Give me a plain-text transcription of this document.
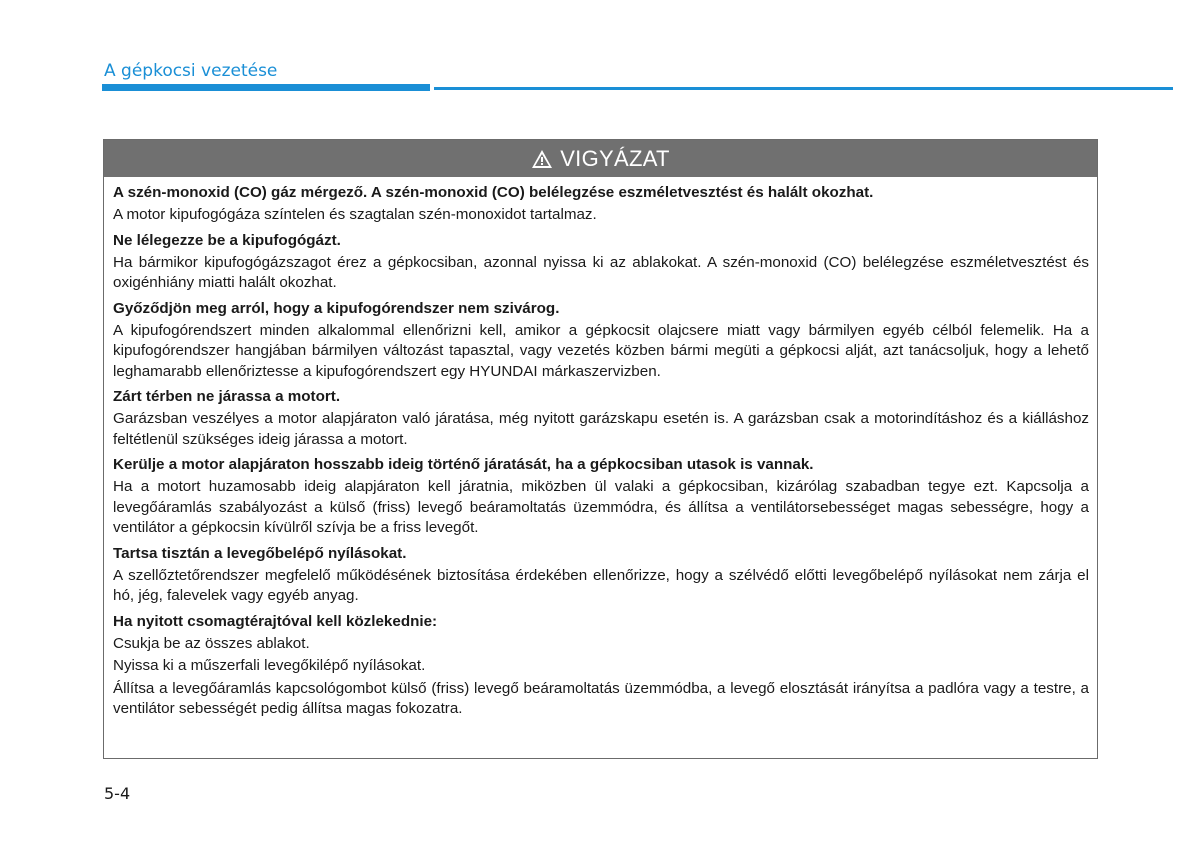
A gépkocsi vezetése
VIGYÁZAT
A szén-monoxid (CO) gáz mérgező. A szén-monoxid (CO) belélegzése eszméletvesztést és halált okozhat.

A motor kipufogógáza színtelen és szagtalan szén-monoxidot tartalmaz.

Ne lélegezze be a kipufogógázt.

Ha bármikor kipufogógázszagot érez a gépkocsiban, azonnal nyissa ki az ablakokat. A szén-monoxid (CO) belélegzése eszméletvesztést és oxigénhiány miatti halált okozhat.

Győződjön meg arról, hogy a kipufogórendszer nem szivárog.

A kipufogórendszert minden alkalommal ellenőrizni kell, amikor a gépkocsit olajcsere miatt vagy bármilyen egyéb célból felemelik. Ha a kipufogórendszer hangjában bármilyen változást tapasztal, vagy vezetés közben bármi megüti a gépkocsi alját, azt tanácsoljuk, hogy a lehető leghamarabb ellenőriztesse a kipufogórendszert egy HYUNDAI márkaszervizben.

Zárt térben ne járassa a motort.

Garázsban veszélyes a motor alapjáraton való járatása, még nyitott garázskapu esetén is. A garázsban csak a motorindításhoz és a kiálláshoz feltétlenül szükséges ideig járassa a motort.

Kerülje a motor alapjáraton hosszabb ideig történő járatását, ha a gépkocsiban utasok is vannak.

Ha a motort huzamosabb ideig alapjáraton kell járatnia, miközben ül valaki a gépkocsiban, kizárólag szabadban tegye ezt. Kapcsolja a levegőáramlás szabályozást a külső (friss) levegő beáramoltatás üzemmódra, és állítsa a ventilátorsebességet magas sebességre, hogy a ventilátor a gépkocsin kívülről szívja be a friss levegőt.

Tartsa tisztán a levegőbelépő nyílásokat.

A szellőztetőrendszer megfelelő működésének biztosítása érdekében ellenőrizze, hogy a szélvédő előtti levegőbelépő nyílásokat nem zárja el hó, jég, falevelek vagy egyéb anyag.

Ha nyitott csomagtérajtóval kell közlekednie:

Csukja be az összes ablakot.

Nyissa ki a műszerfali levegőkilépő nyílásokat.

Állítsa a levegőáramlás kapcsológombot külső (friss) levegő beáramoltatás üzemmódba, a levegő elosztását irányítsa a padlóra vagy a testre, a ventilátor sebességét pedig állítsa magas fokozatra.

5-4
